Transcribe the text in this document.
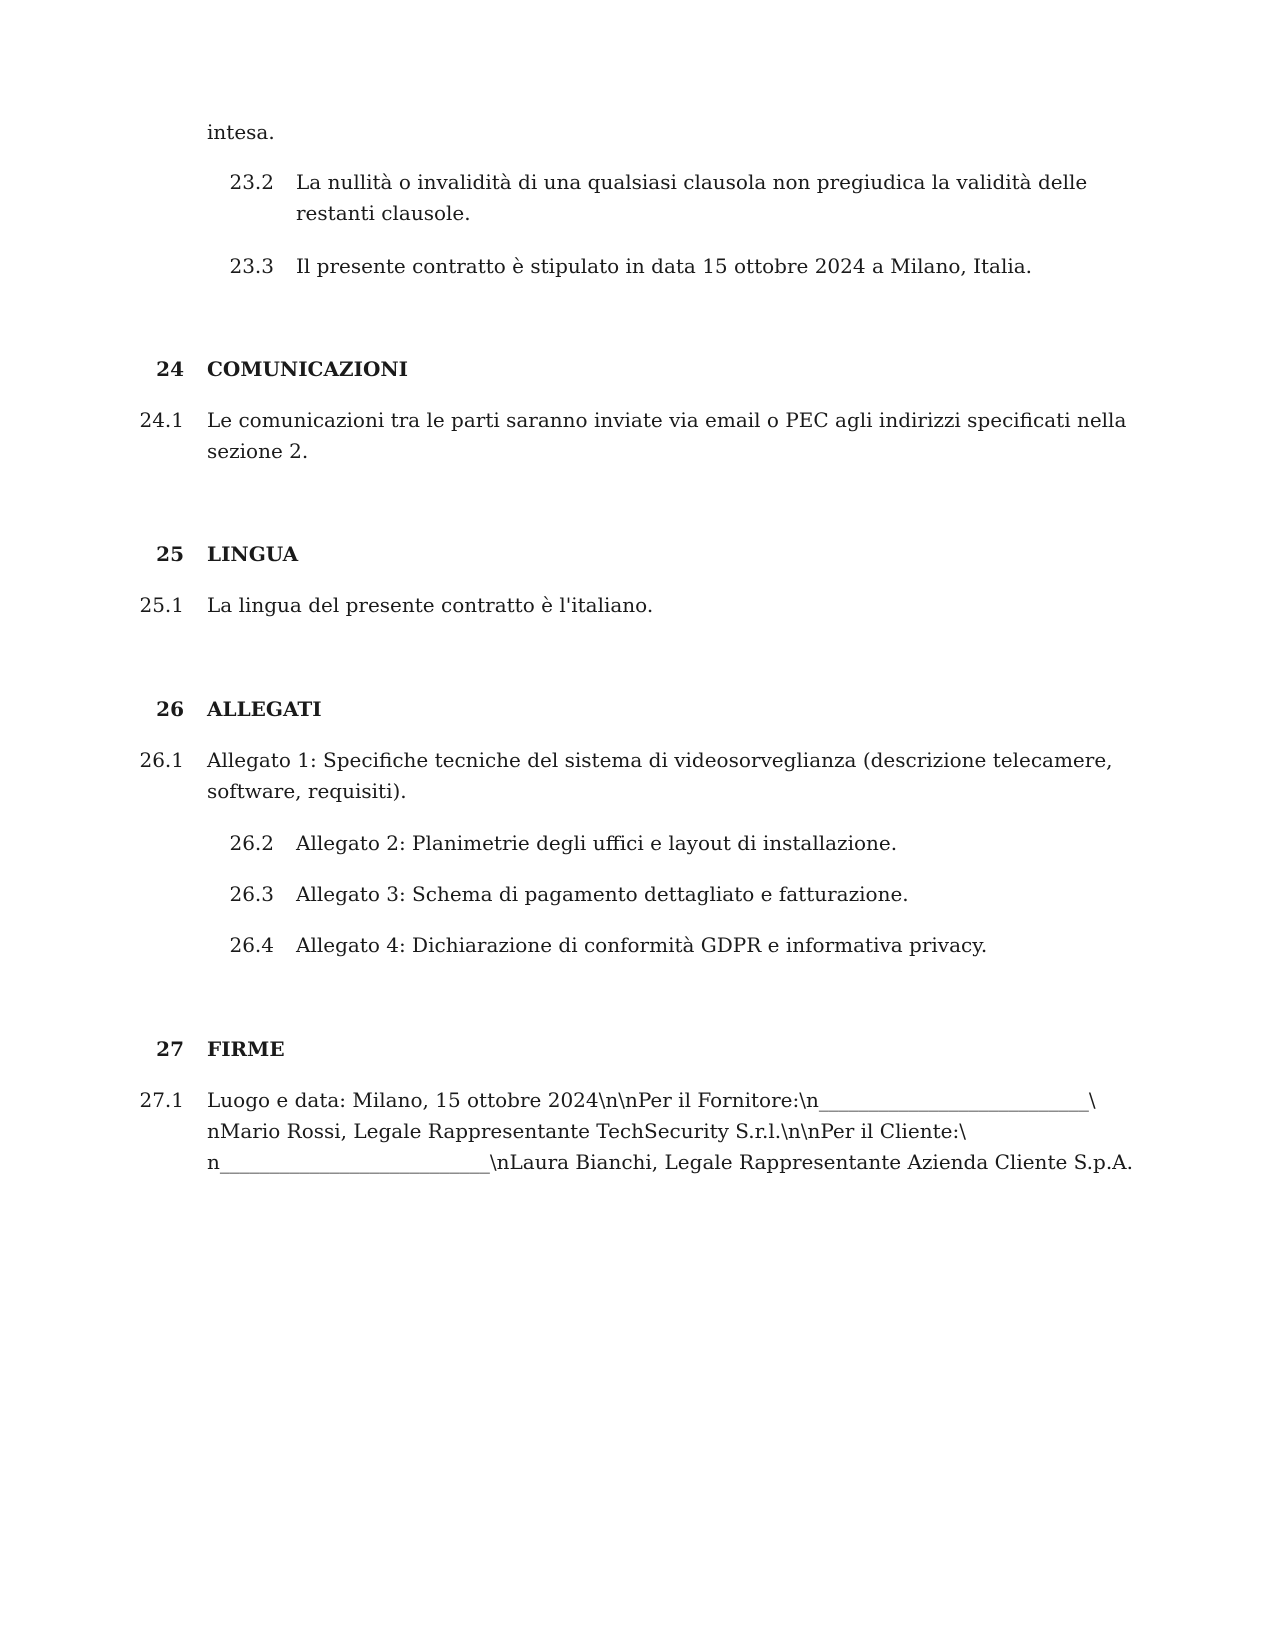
intesa.
23.2 La nullità o invalidità di una qualsiasi clausola non pregiudica la validità delle
restanti clausole.
23.3 Il presente contratto è stipulato in data 15 ottobre 2024 a Milano, Italia.
24 COMUNICAZIONI
24.1 Le comunicazioni tra le parti saranno inviate via email o PEC agli indirizzi specificati nella
sezione 2.
25 LINGUA
25.1 La lingua del presente contratto è l'italiano.
26 ALLEGATI
26.1 Allegato 1: Specifiche tecniche del sistema di videosorveglianza (descrizione telecamere,
software, requisiti).
26.2 Allegato 2: Planimetrie degli uffici e layout di installazione.
26.3 Allegato 3: Schema di pagamento dettagliato e fatturazione.
26.4 Allegato 4: Dichiarazione di conformità GDPR e informativa privacy.
27 FIRME
27.1 Luogo e data: Milano, 15 ottobre 2024\n\nPer il Fornitore:\n___________________________\
nMario Rossi, Legale Rappresentante TechSecurity S.r.l.\n\nPer il Cliente:\
n___________________________\nLaura Bianchi, Legale Rappresentante Azienda Cliente S.p.A.
